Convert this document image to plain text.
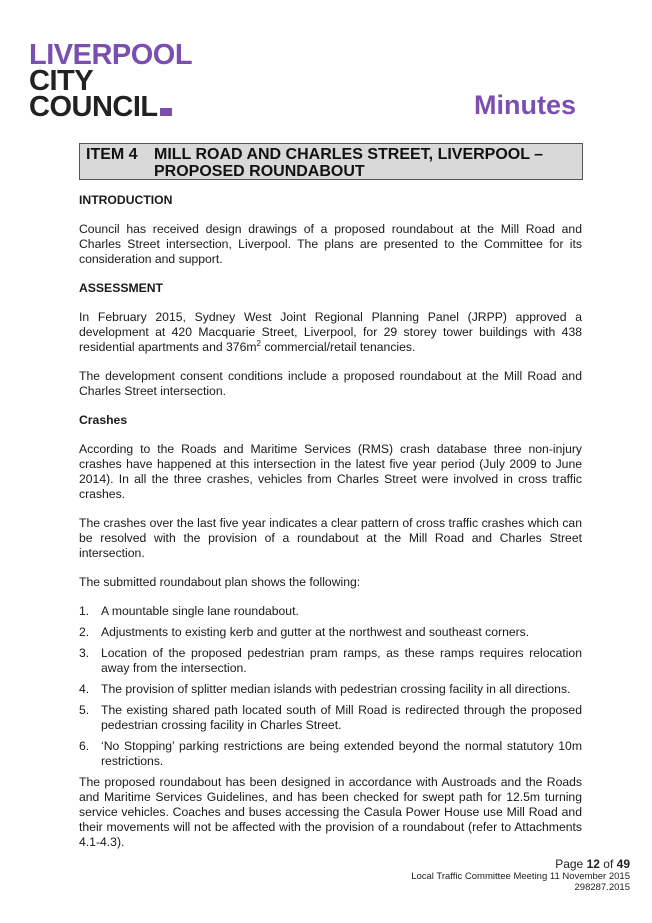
LIVERPOOL
CITY
COUNCIL	Minutes
ITEM 4 MILL ROAD AND CHARLES STREET, LIVERPOOL – PROPOSED ROUNDABOUT
INTRODUCTION

Council has received design drawings of a proposed roundabout at the Mill Road and Charles Street intersection, Liverpool. The plans are presented to the Committee for its consideration and support.

ASSESSMENT

In February 2015, Sydney West Joint Regional Planning Panel (JRPP) approved a development at 420 Macquarie Street, Liverpool, for 29 storey tower buildings with 438 residential apartments and $376m^2$ commercial/retail tenancies.

The development consent conditions include a proposed roundabout at the Mill Road and Charles Street intersection.

Crashes

According to the Roads and Maritime Services (RMS) crash database three non-injury crashes have happened at this intersection in the latest five year period (July 2009 to June 2014). In all the three crashes, vehicles from Charles Street were involved in cross traffic crashes.

The crashes over the last five year indicates a clear pattern of cross traffic crashes which can be resolved with the provision of a roundabout at the Mill Road and Charles Street intersection.

The submitted roundabout plan shows the following:

1. A mountable single lane roundabout.
2. Adjustments to existing kerb and gutter at the northwest and southeast corners.
3. Location of the proposed pedestrian pram ramps, as these ramps requires relocation away from the intersection.
4. The provision of splitter median islands with pedestrian crossing facility in all directions.
5. The existing shared path located south of Mill Road is redirected through the proposed pedestrian crossing facility in Charles Street.
6. ‘No Stopping’ parking restrictions are being extended beyond the normal statutory 10m restrictions.

The proposed roundabout has been designed in accordance with Austroads and the Roads and Maritime Services Guidelines, and has been checked for swept path for 12.5m turning service vehicles. Coaches and buses accessing the Casula Power House use Mill Road and their movements will not be affected with the provision of a roundabout (refer to Attachments 4.1-4.3).

Page 12 of 49
Local Traffic Committee Meeting 11 November 2015
298287.2015
